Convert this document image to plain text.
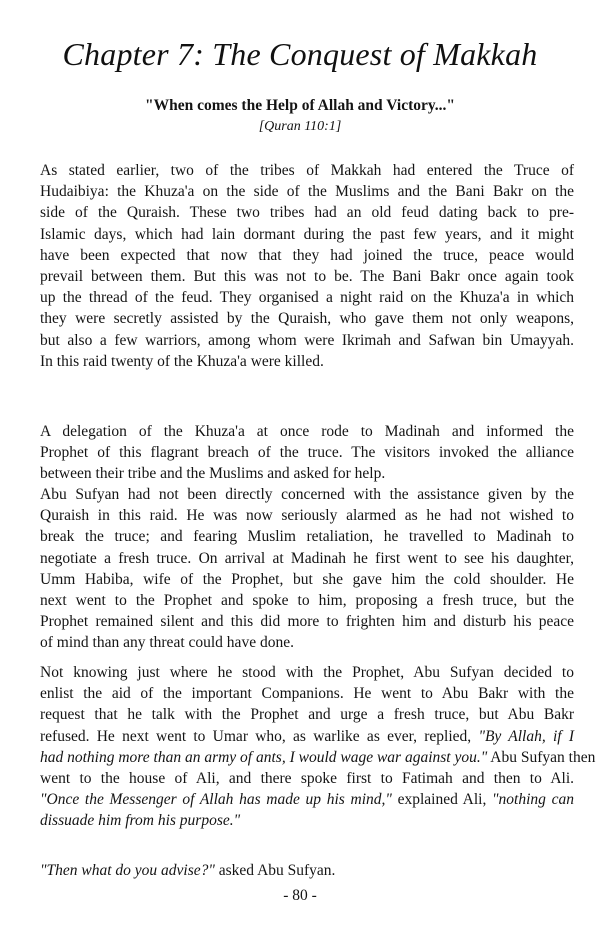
Chapter 7: The Conquest of Makkah
"When comes the Help of Allah and Victory..."
[Quran 110:1]

As stated earlier, two of the tribes of Makkah had entered the Truce of
Hudaibiya: the Khuza'a on the side of the Muslims and the Bani Bakr on the
side of the Quraish. These two tribes had an old feud dating back to pre-
Islamic days, which had lain dormant during the past few years, and it might
have been expected that now that they had joined the truce, peace would
prevail between them. But this was not to be. The Bani Bakr once again took
up the thread of the feud. They organised a night raid on the Khuza'a in which
they were secretly assisted by the Quraish, who gave them not only weapons,
but also a few warriors, among whom were Ikrimah and Safwan bin Umayyah.
In this raid twenty of the Khuza'a were killed.

A delegation of the Khuza'a at once rode to Madinah and informed the
Prophet of this flagrant breach of the truce. The visitors invoked the alliance
between their tribe and the Muslims and asked for help.

Abu Sufyan had not been directly concerned with the assistance given by the
Quraish in this raid. He was now seriously alarmed as he had not wished to
break the truce; and fearing Muslim retaliation, he travelled to Madinah to
negotiate a fresh truce. On arrival at Madinah he first went to see his daughter,
Umm Habiba, wife of the Prophet, but she gave him the cold shoulder. He
next went to the Prophet and spoke to him, proposing a fresh truce, but the
Prophet remained silent and this did more to frighten him and disturb his peace
of mind than any threat could have done.

Not knowing just where he stood with the Prophet, Abu Sufyan decided to
enlist the aid of the important Companions. He went to Abu Bakr with the
request that he talk with the Prophet and urge a fresh truce, but Abu Bakr
refused. He next went to Umar who, as warlike as ever, replied, "By Allah, if I
had nothing more than an army of ants, I would wage war against you." Abu Sufyan then
went to the house of Ali, and there spoke first to Fatimah and then to Ali.
"Once the Messenger of Allah has made up his mind," explained Ali, "nothing can
dissuade him from his purpose."

"Then what do you advise?" asked Abu Sufyan.

- 80 -
